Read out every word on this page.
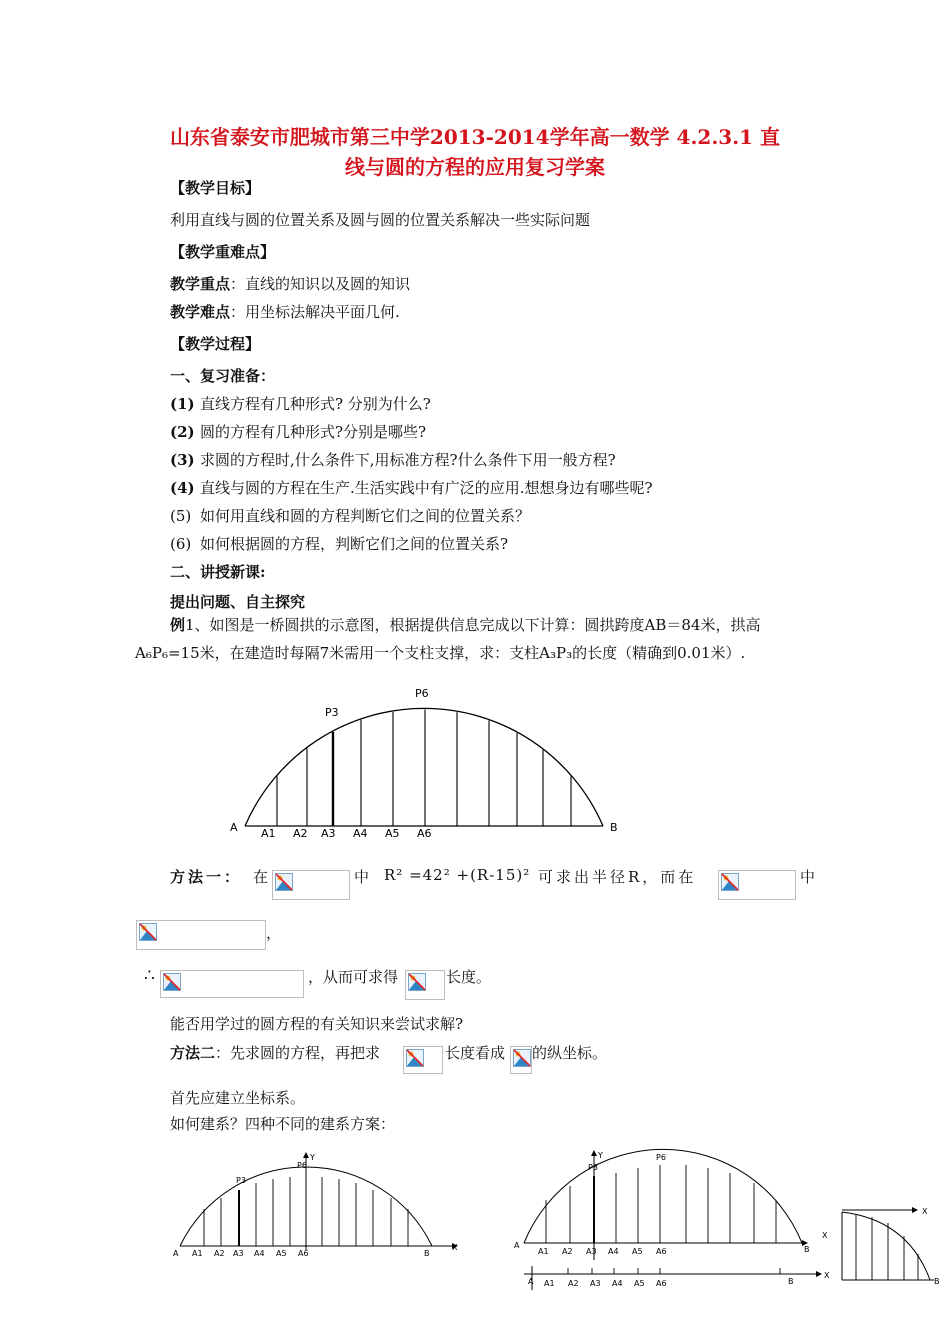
山东省泰安市肥城市第三中学2013-2014学年高一数学 4.2.3.1 直
线与圆的方程的应用复习学案
【教学目标】
利用直线与圆的位置关系及圆与圆的位置关系解决一些实际问题
【教学重难点】
教学重点：直线的知识以及圆的知识
教学难点：用坐标法解决平面几何.
【教学过程】
一、复习准备：
(1) 直线方程有几种形式? 分别为什么?
(2) 圆的方程有几种形式?分别是哪些?
(3) 求圆的方程时,什么条件下,用标准方程?什么条件下用一般方程?
(4) 直线与圆的方程在生产.生活实践中有广泛的应用.想想身边有哪些呢?
(5) 如何用直线和圆的方程判断它们之间的位置关系？
(6) 如何根据圆的方程，判断它们之间的位置关系?
二、讲授新课:
提出问题、自主探究
例1、如图是一桥圆拱的示意图，根据提供信息完成以下计算：圆拱跨度AB＝84米，拱高A₆P₆=15米，在建造时每隔7米需用一个支柱支撑，求：支柱A₃P₃的长度（精确到0.01米）.
A	B
P3
P6
A1 A2 A3 A4 A5 A6
方法一： 在	中 R² =42² +(R-15)² 可求出半径R，而在	中
，
∴	，从而可求得	长度。
能否用学过的圆方程的有关知识来尝试求解?
方法二：先求圆的方程，再把求	长度看成 的纵坐标。
首先应建立坐标系。
如何建系？四种不同的建系方案：
A A1 A2 A3 A4 A5 A6	B
X
Y
P6
P3
A
A1 A2 A3 A4 A5 A6	B
X
Y
P3
P6
A A1 A2 A3 A4 A5 A6	B
X
X
B
